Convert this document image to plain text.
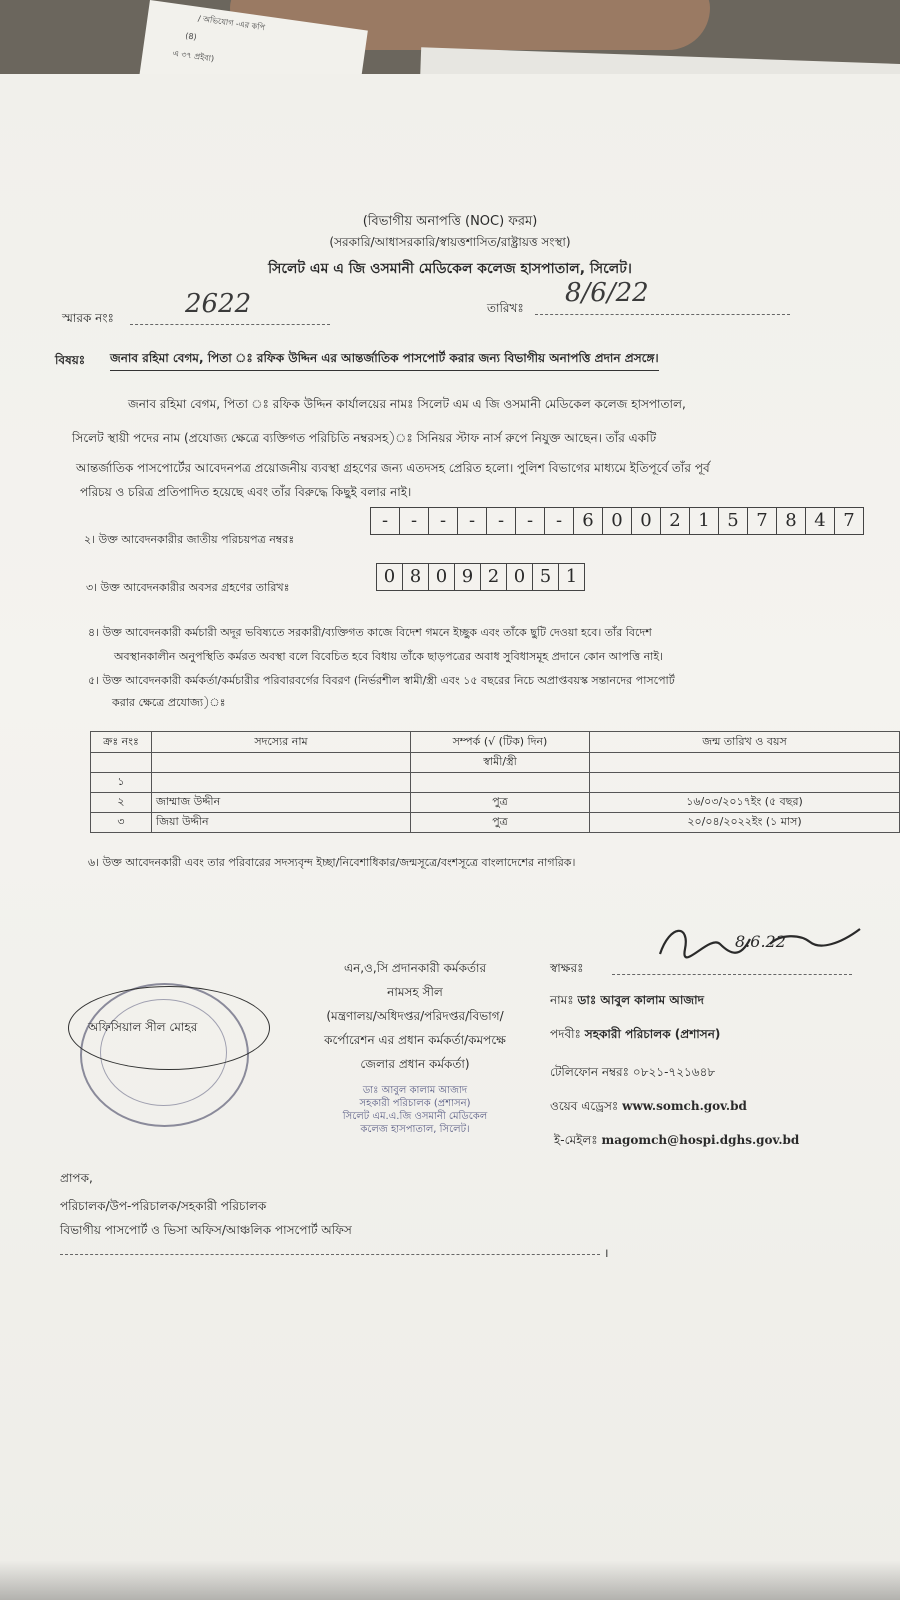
/ অভিযোগ -এর কপি
(8)
এ ৩৭ প্রইবা)
(বিভাগীয় অনাপত্তি (NOC) ফরম)
(সরকারি/আধাসরকারি/স্বায়ত্তশাসিত/রাষ্ট্রায়ত্ত সংস্থা)
সিলেট এম এ জি ওসমানী মেডিকেল কলেজ হাসপাতাল, সিলেট।
স্মারক নংঃ	2622	তারিখঃ 8/6/22
বিষয়ঃ জনাব রহিমা বেগম, পিতা ঃ রফিক উদ্দিন এর আন্তর্জাতিক পাসপোর্ট করার জন্য বিভাগীয় অনাপত্তি প্রদান প্রসঙ্গে।
জনাব রহিমা বেগম, পিতা ঃ রফিক উদ্দিন কার্যালয়ের নামঃ সিলেট এম এ জি ওসমানী মেডিকেল কলেজ হাসপাতাল,
সিলেট স্থায়ী পদের নাম (প্রযোজ্য ক্ষেত্রে ব্যক্তিগত পরিচিতি নম্বরসহ)ঃ সিনিয়র স্টাফ নার্স রুপে নিযুক্ত আছেন। তাঁর একটি
আন্তর্জাতিক পাসপোর্টের আবেদনপত্র প্রয়োজনীয় ব্যবস্থা গ্রহণের জন্য এতদসহ প্রেরিত হলো। পুলিশ বিভাগের মাধ্যমে ইতিপূর্বে তাঁর পূর্ব
পরিচয় ও চরিত্র প্রতিপাদিত হয়েছে এবং তাঁর বিরুদ্ধে কিছুই বলার নাই।
২। উক্ত আবেদনকারীর জাতীয় পরিচয়পত্র নম্বরঃ
-	-	-	-	-	-	-	6 0 0 2 1 5 7 8 4 7
৩। উক্ত আবেদনকারীর অবসর গ্রহণের তারিখঃ
0 8 0 9 2 0 5 1
৪। উক্ত আবেদনকারী কর্মচারী অদূর ভবিষ্যতে সরকারী/ব্যক্তিগত কাজে বিদেশ গমনে ইচ্ছুক এবং তাঁকে ছুটি দেওয়া হবে। তাঁর বিদেশ
অবস্থানকালীন অনুপস্থিতি কর্মরত অবস্থা বলে বিবেচিত হবে বিধায় তাঁকে ছাড়পত্রের অবাধ সুবিধাসমূহ প্রদানে কোন আপত্তি নাই।
৫। উক্ত আবেদনকারী কর্মকর্তা/কর্মচারীর পরিবারবর্গের বিবরণ (নির্ভরশীল স্বামী/স্ত্রী এবং ১৫ বছরের নিচে অপ্রাপ্তবয়স্ক সন্তানদের পাসপোর্ট
করার ক্ষেত্রে প্রযোজ্য)ঃ
ক্রঃ নংঃ	সদস্যের নাম	সম্পর্ক (√ (টিক) দিন)	জন্ম তারিখ ও বয়স
		স্বামী/স্ত্রী	
১			
২	জাম্মাজ উদ্দীন	পুত্র	১৬/০৩/২০১৭ইং (৫ বছর)
৩	জিয়া উদ্দীন	পুত্র	২০/০৪/২০২২ইং (১ মাস)
৬। উক্ত আবেদনকারী এবং তার পরিবারের সদস্যবৃন্দ ইচ্ছা/নিবেশাধিকার/জন্মসূত্রে/বংশসূত্রে বাংলাদেশের নাগরিক।
এন,ও,সি প্রদানকারী কর্মকর্তার
নামসহ সীল
(মন্ত্রণালয়/অধিদপ্তর/পরিদপ্তর/বিভাগ/
কর্পোরেশন এর প্রধান কর্মকর্তা/কমপক্ষে
জেলার প্রধান কর্মকর্তা)
ডাঃ আবুল কালাম আজাদ
সহকারী পরিচালক (প্রশাসন)
সিলেট এম.এ.জি ওসমানী মেডিকেল
কলেজ হাসপাতাল, সিলেট।
অফিসিয়াল সীল মোহর
স্বাক্ষরঃ
8.6.22
নামঃ ডাঃ আবুল কালাম আজাদ
পদবীঃ সহকারী পরিচালক (প্রশাসন)
টেলিফোন নম্বরঃ ০৮২১-৭২১৬৪৮
ওয়েব এড্রেসঃ www.somch.gov.bd
ই-মেইলঃ magomch@hospi.dghs.gov.bd
প্রাপক,
পরিচালক/উপ-পরিচালক/সহকারী পরিচালক
বিভাগীয় পাসপোর্ট ও ভিসা অফিস/আঞ্চলিক পাসপোর্ট অফিস
।
